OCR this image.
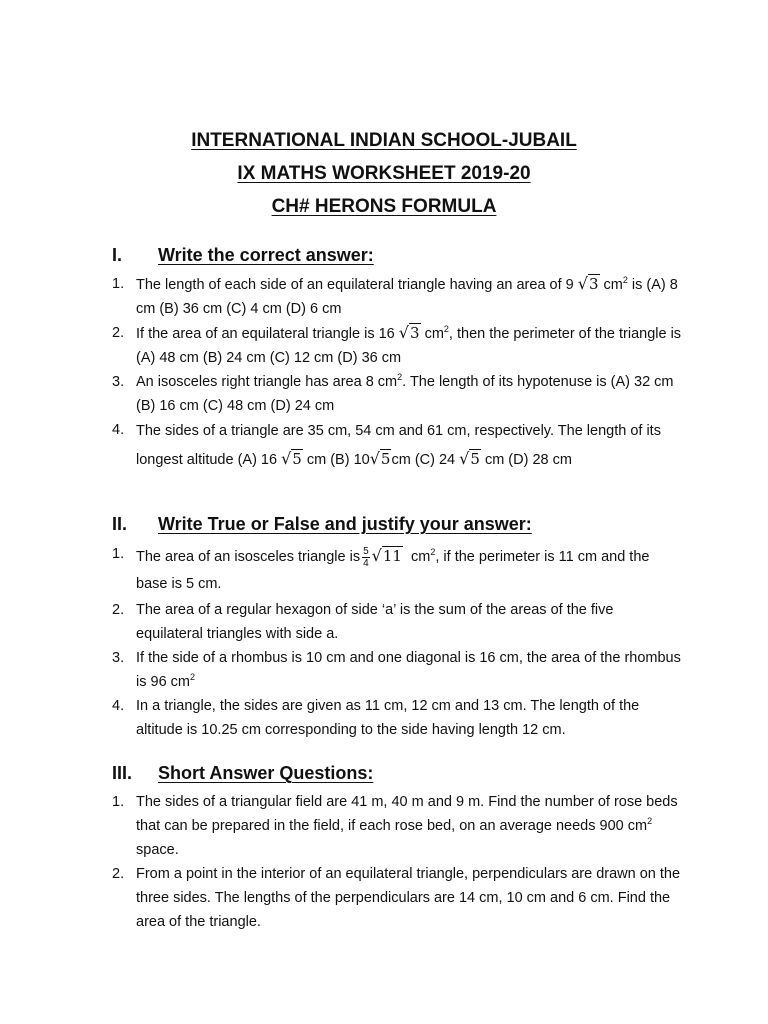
INTERNATIONAL INDIAN SCHOOL-JUBAIL
IX MATHS WORKSHEET 2019-20
CH# HERONS FORMULA
I.	Write the correct answer:
1. The length of each side of an equilateral triangle having an area of 9 √3 $cm^2$ is (A) 8 cm (B) 36 cm (C) 4 cm (D) 6 cm
2. If the area of an equilateral triangle is 16 √3 $cm^2$, then the perimeter of the triangle is (A) 48 cm (B) 24 cm (C) 12 cm (D) 36 cm
3. An isosceles right triangle has area 8 $cm^2$. The length of its hypotenuse is (A) 32 cm (B) 16 cm (C) 48 cm (D) 24 cm
4. The sides of a triangle are 35 cm, 54 cm and 61 cm, respectively. The length of its longest altitude (A) 16 √5 cm (B) 10√5cm (C) 24 √5 cm (D) 28 cm
II.	Write True or False and justify your answer:
1. The area of an isosceles triangle is $\frac{5}{4} √11$ $cm^2$, if the perimeter is 11 cm and the base is 5 cm.
2. The area of a regular hexagon of side ‘a’ is the sum of the areas of the five equilateral triangles with side a.
3. If the side of a rhombus is 10 cm and one diagonal is 16 cm, the area of the rhombus is 96 $cm^2$
4. In a triangle, the sides are given as 11 cm, 12 cm and 13 cm. The length of the altitude is 10.25 cm corresponding to the side having length 12 cm.
III.	Short Answer Questions:
1. The sides of a triangular field are 41 m, 40 m and 9 m. Find the number of rose beds that can be prepared in the field, if each rose bed, on an average needs 900 $cm^2$ space.
2. From a point in the interior of an equilateral triangle, perpendiculars are drawn on the three sides. The lengths of the perpendiculars are 14 cm, 10 cm and 6 cm. Find the area of the triangle.
